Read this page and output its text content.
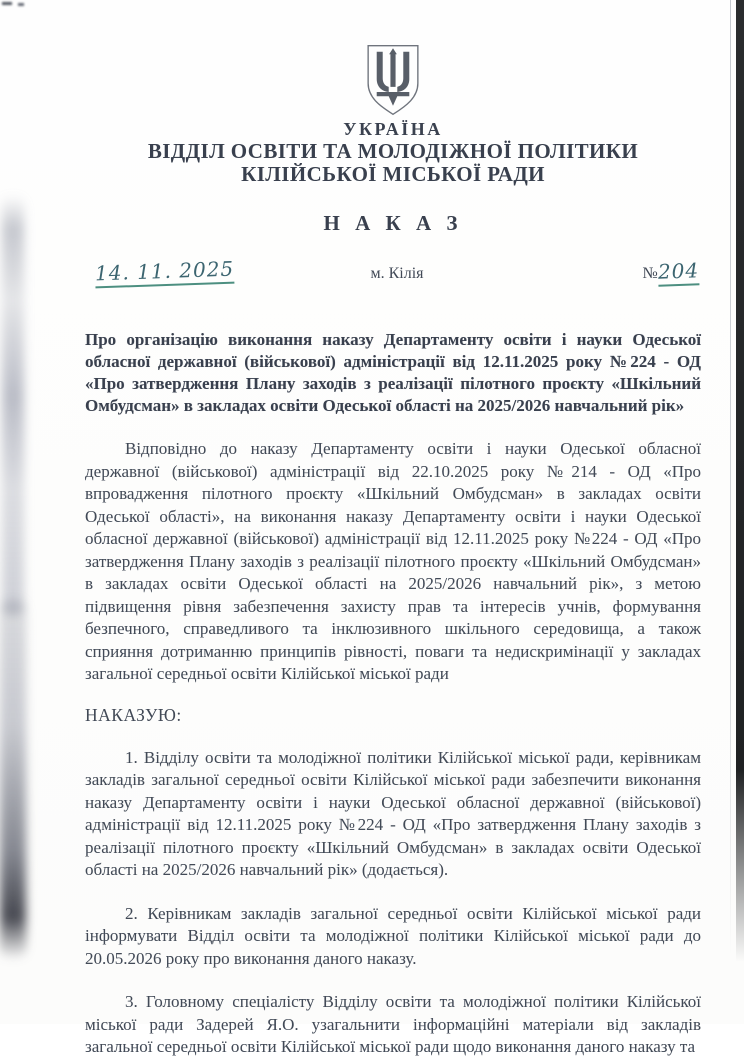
УКРАЇНА
ВІДДІЛ ОСВІТИ ТА МОЛОДІЖНОЇ ПОЛІТИКИ
КІЛІЙСЬКОЇ МІСЬКОЇ РАДИ
Н А К А З
14. 11. 2025	м. Кілія	№204

Про організацію виконання наказу Департаменту освіти і науки Одеської обласної державної (військової) адміністрації від 12.11.2025 року №224 - ОД «Про затвердження Плану заходів з реалізації пілотного проєкту «Шкільний Омбудсман» в закладах освіти Одеської області на 2025/2026 навчальний рік»

Відповідно до наказу Департаменту освіти і науки Одеської обласної державної (військової) адміністрації від 22.10.2025 року №214 - ОД «Про впровадження пілотного проєкту «Шкільний Омбудсман» в закладах освіти Одеської області», на виконання наказу Департаменту освіти і науки Одеської обласної державної (військової) адміністрації від 12.11.2025 року №224 - ОД «Про затвердження Плану заходів з реалізації пілотного проєкту «Шкільний Омбудсман» в закладах освіти Одеської області на 2025/2026 навчальний рік», з метою підвищення рівня забезпечення захисту прав та інтересів учнів, формування безпечного, справедливого та інклюзивного шкільного середовища, а також сприяння дотриманню принципів рівності, поваги та недискримінації у закладах загальної середньої освіти Кілійської міської ради

НАКАЗУЮ:

1. Відділу освіти та молодіжної політики Кілійської міської ради, керівникам закладів загальної середньої освіти Кілійської міської ради забезпечити виконання наказу Департаменту освіти і науки Одеської обласної державної (військової) адміністрації від 12.11.2025 року №224 - ОД «Про затвердження Плану заходів з реалізації пілотного проєкту «Шкільний Омбудсман» в закладах освіти Одеської області на 2025/2026 навчальний рік» (додається).

2. Керівникам закладів загальної середньої освіти Кілійської міської ради інформувати Відділ освіти та молодіжної політики Кілійської міської ради до 20.05.2026 року про виконання даного наказу.

3. Головному спеціалісту Відділу освіти та молодіжної політики Кілійської міської ради Задерей Я.О. узагальнити інформаційні матеріали від закладів загальної середньої освіти Кілійської міської ради щодо виконання даного наказу та
